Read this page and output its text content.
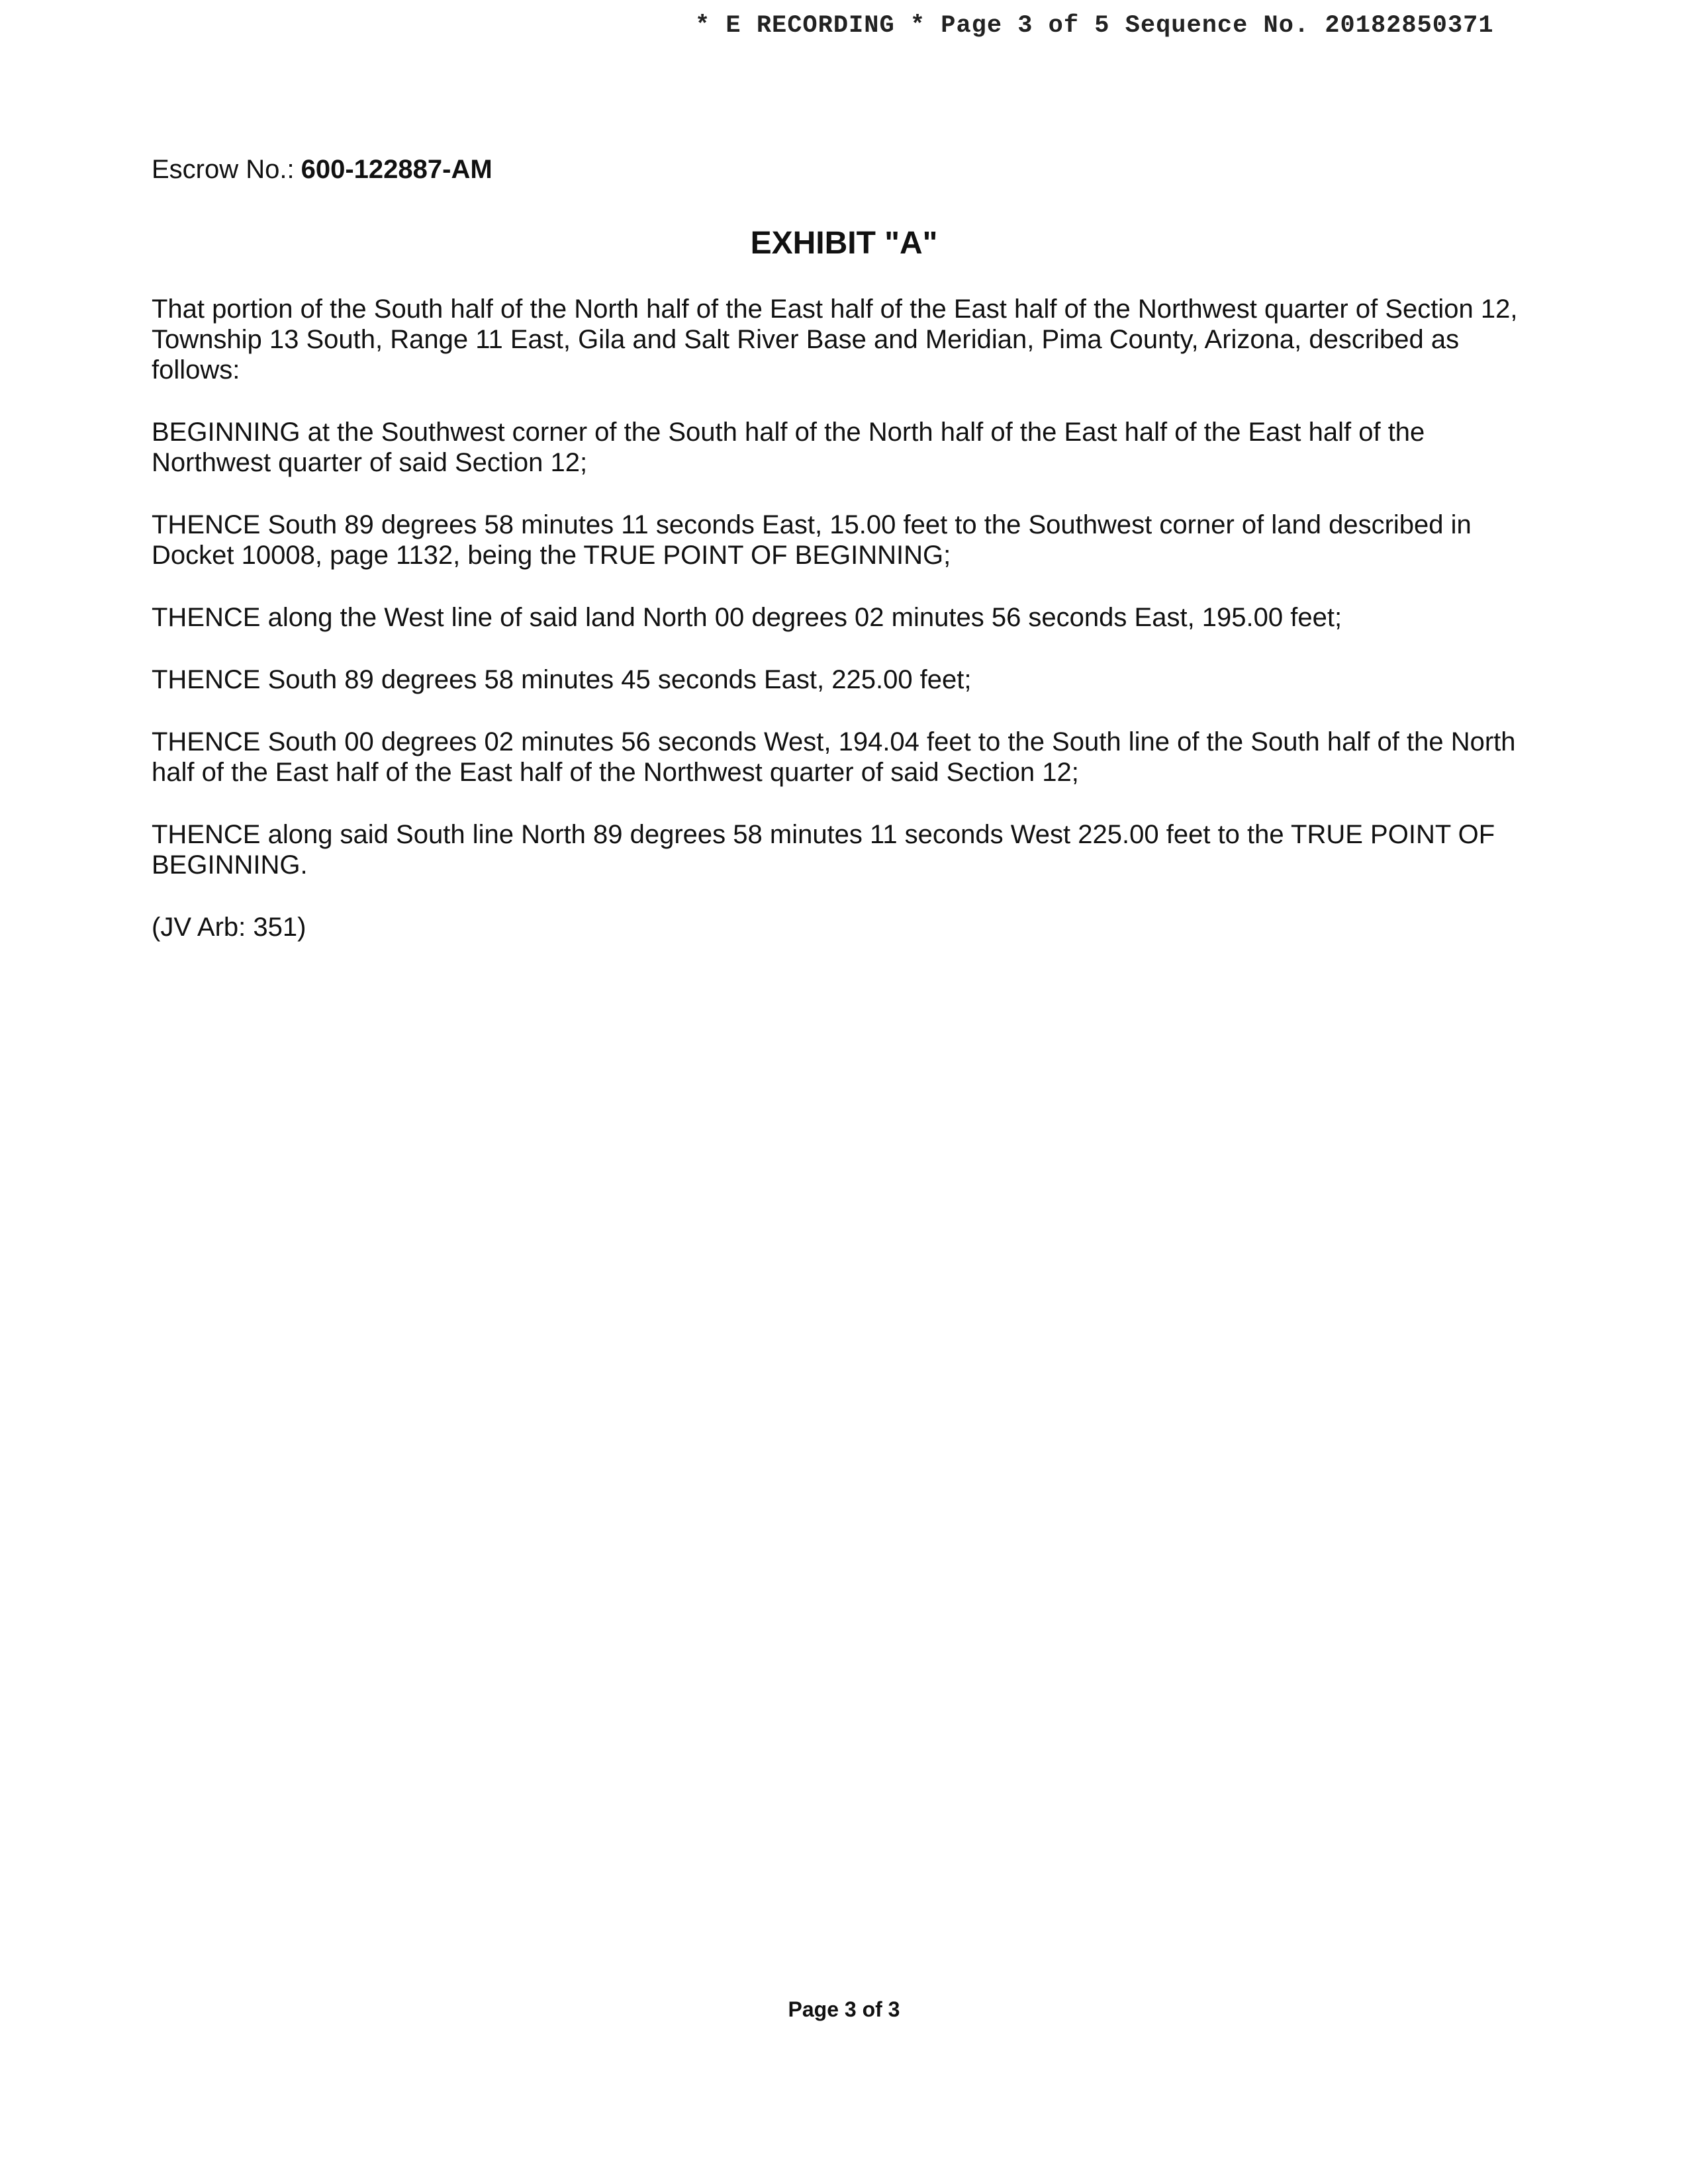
* E RECORDING * Page 3 of 5 Sequence No. 20182850371
Escrow No.: 600-122887-AM
EXHIBIT "A"

That portion of the South half of the North half of the East half of the East half of the Northwest quarter of Section 12, Township 13 South, Range 11 East, Gila and Salt River Base and Meridian, Pima County, Arizona, described as follows:

BEGINNING at the Southwest corner of the South half of the North half of the East half of the East half of the Northwest quarter of said Section 12;

THENCE South 89 degrees 58 minutes 11 seconds East, 15.00 feet to the Southwest corner of land described in Docket 10008, page 1132, being the TRUE POINT OF BEGINNING;

THENCE along the West line of said land North 00 degrees 02 minutes 56 seconds East, 195.00 feet;

THENCE South 89 degrees 58 minutes 45 seconds East, 225.00 feet;

THENCE South 00 degrees 02 minutes 56 seconds West, 194.04 feet to the South line of the South half of the North half of the East half of the East half of the Northwest quarter of said Section 12;

THENCE along said South line North 89 degrees 58 minutes 11 seconds West 225.00 feet to the TRUE POINT OF BEGINNING.

(JV Arb: 351)

Page 3 of 3
